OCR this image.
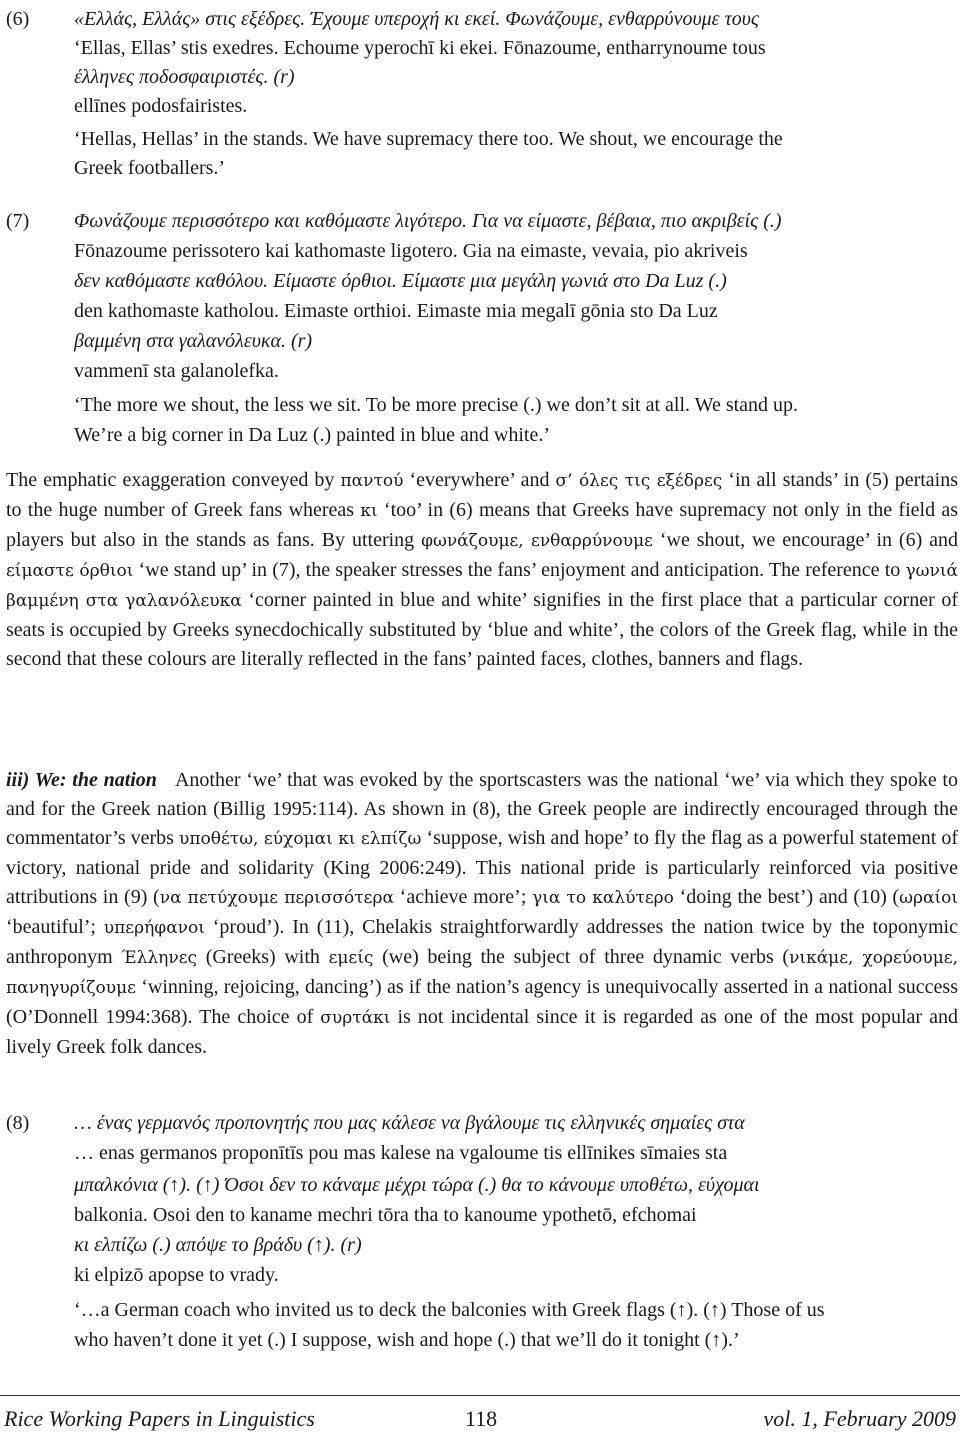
(6) «Ελλάς, Ελλάς» στις εξέδρες. Έχουμε υπεροχή κι εκεί. Φωνάζουμε, ενθαρρύνουμε τους
‘Ellas, Ellas’ stis exedres. Echoume yperochī ki ekei. Fōnazoume, entharrynoume tous
έλληνες ποδοσφαιριστές. (r)
ellīnes podosfairistes.
‘Hellas, Hellas’ in the stands. We have supremacy there too. We shout, we encourage the
Greek footballers.’
(7) Φωνάζουμε περισσότερο και καθόμαστε λιγότερο. Για να είμαστε, βέβαια, πιο ακριβείς (.)
Fōnazoume perissotero kai kathomaste ligotero. Gia na eimaste, vevaia, pio akriveis
δεν καθόμαστε καθόλου. Είμαστε όρθιοι. Είμαστε μια μεγάλη γωνιά στο Da Luz (.)
den kathomaste katholou. Eimaste orthioi. Eimaste mia megalī gōnia sto Da Luz
βαμμένη στα γαλανόλευκα. (r)
vammenī sta galanolefka.
‘The more we shout, the less we sit. To be more precise (.) we don’t sit at all. We stand up.
We’re a big corner in Da Luz (.) painted in blue and white.’

The emphatic exaggeration conveyed by παντού ‘everywhere’ and σ’ όλες τις εξέδρες ‘in all stands’ in (5) pertains to the huge number of Greek fans whereas κι ‘too’ in (6) means that Greeks have supremacy not only in the field as players but also in the stands as fans. By uttering φωνάζουμε, ενθαρρύνουμε ‘we shout, we encourage’ in (6) and είμαστε όρθιοι ‘we stand up’ in (7), the speaker stresses the fans’ enjoyment and anticipation. The reference to γωνιά βαμμένη στα γαλανόλευκα ‘corner painted in blue and white’ signifies in the first place that a particular corner of seats is occupied by Greeks synecdochically substituted by ‘blue and white’, the colors of the Greek flag, while in the second that these colours are literally reflected in the fans’ painted faces, clothes, banners and flags.

iii) We: the nation Another ‘we’ that was evoked by the sportscasters was the national ‘we’ via which they spoke to and for the Greek nation (Billig 1995:114). As shown in (8), the Greek people are indirectly encouraged through the commentator’s verbs υποθέτω, εύχομαι κι ελπίζω ‘suppose, wish and hope’ to fly the flag as a powerful statement of victory, national pride and solidarity (King 2006:249). This national pride is particularly reinforced via positive attributions in (9) (να πετύχουμε περισσότερα ‘achieve more’; για το καλύτερο ‘doing the best’) and (10) (ωραίοι ‘beautiful’; υπερήφανοι ‘proud’). In (11), Chelakis straightforwardly addresses the nation twice by the toponymic anthroponym Έλληνες (Greeks) with εμείς (we) being the subject of three dynamic verbs (νικάμε, χορεύουμε, πανηγυρίζουμε ‘winning, rejoicing, dancing’) as if the nation’s agency is unequivocally asserted in a national success (O’Donnell 1994:368). The choice of συρτάκι is not incidental since it is regarded as one of the most popular and lively Greek folk dances.

(8) … ένας γερμανός προπονητής που μας κάλεσε να βγάλουμε τις ελληνικές σημαίες στα
… enas germanos proponītīs pou mas kalese na vgaloume tis ellīnikes sīmaies sta
μπαλκόνια (↑). (↑) Όσοι δεν το κάναμε μέχρι τώρα (.) θα το κάνουμε υποθέτω, εύχομαι
balkonia. Osoi den to kaname mechri tōra tha to kanoume ypothetō, efchomai
κι ελπίζω (.) απόψε το βράδυ (↑). (r)
ki elpizō apopse to vrady.
‘…a German coach who invited us to deck the balconies with Greek flags (↑). (↑) Those of us
who haven’t done it yet (.) I suppose, wish and hope (.) that we’ll do it tonight (↑).’
Rice Working Papers in Linguistics	118	vol. 1, February 2009
